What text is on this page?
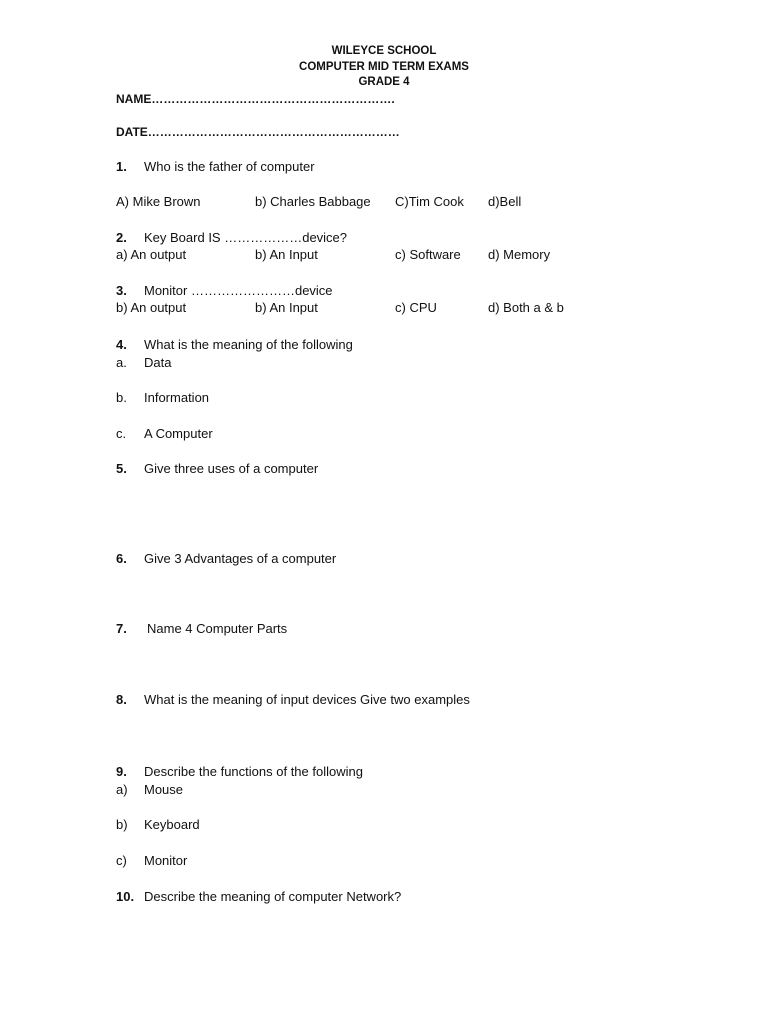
WILEYCE SCHOOL
COMPUTER MID TERM EXAMS
GRADE 4
NAME…………………………………………………….
DATE………………………………………………………
1. Who is the father of computer
A) Mike Brown	b) Charles Babbage C)Tim Cook d)Bell
2. Key Board IS ………………device?
a) An output	b) An Input	c) Software d) Memory
3. Monitor ……………………device
b) An output	b) An Input	c) CPU	d) Both a & b
4. What is the meaning of the following
a. Data
b. Information
c. A Computer
5. Give three uses of a computer
6. Give 3 Advantages of a computer
7. Name 4 Computer Parts
8. What is the meaning of input devices Give two examples
9. Describe the functions of the following
a) Mouse
b) Keyboard
c) Monitor
10. Describe the meaning of computer Network?
